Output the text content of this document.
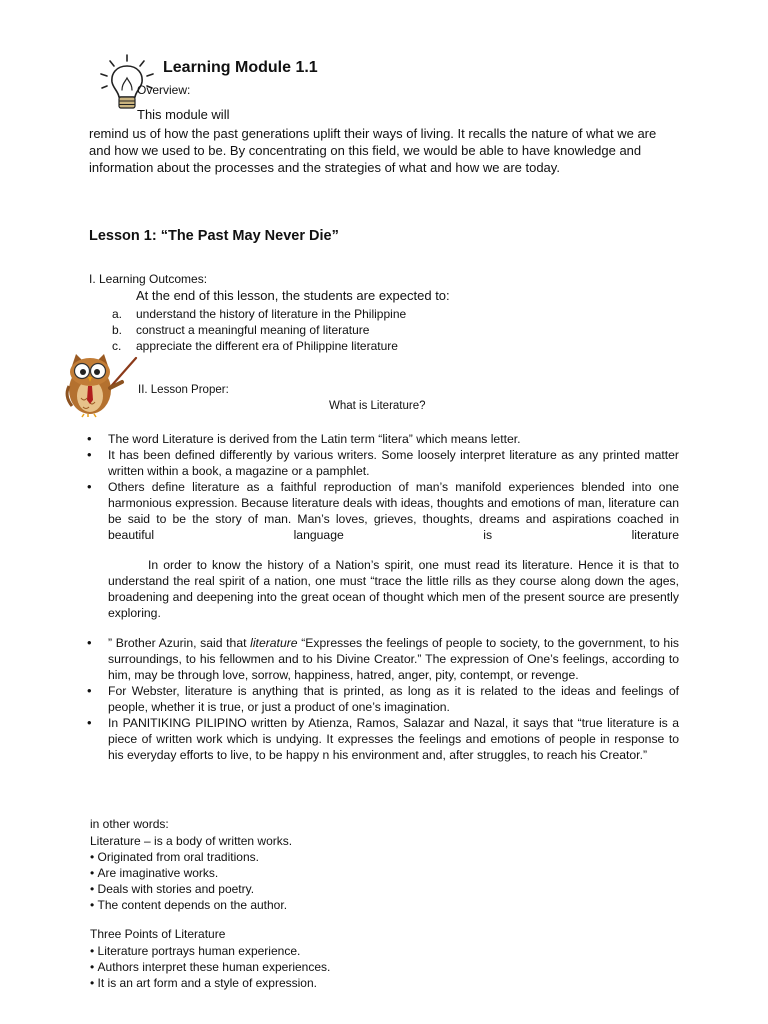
Learning Module 1.1
Overview:
This module will
remind us of how the past generations uplift their ways of living. It recalls the nature of what we are and how we used to be. By concentrating on this field, we would be able to have knowledge and information about the processes and the strategies of what and how we are today.
Lesson 1: “The Past May Never Die”
I. Learning Outcomes:
At the end of this lesson, the students are expected to:
a.	understand the history of literature in the Philippine
b.	construct a meaningful meaning of literature
c.	appreciate the different era of Philippine literature
II. Lesson Proper:
What is Literature?
• The word Literature is derived from the Latin term “litera” which means letter.
• It has been defined differently by various writers. Some loosely interpret literature as any printed matter written within a book, a magazine or a pamphlet.
• Others define literature as a faithful reproduction of man’s manifold experiences blended into one harmonious expression. Because literature deals with ideas, thoughts and emotions of man, literature can be said to be the story of man. Man’s loves, grieves, thoughts, dreams and aspirations coached in beautiful language is literature
In order to know the history of a Nation’s spirit, one must read its literature. Hence it is that to understand the real spirit of a nation, one must “trace the little rills as they course along down the ages, broadening and deepening into the great ocean of thought which men of the present source are presently exploring.
• ” Brother Azurin, said that literature “Expresses the feelings of people to society, to the government, to his surroundings, to his fellowmen and to his Divine Creator.” The expression of One’s feelings, according to him, may be through love, sorrow, happiness, hatred, anger, pity, contempt, or revenge.
• For Webster, literature is anything that is printed, as long as it is related to the ideas and feelings of people, whether it is true, or just a product of one’s imagination.
• In PANITIKING PILIPINO written by Atienza, Ramos, Salazar and Nazal, it says that “true literature is a piece of written work which is undying. It expresses the feelings and emotions of people in response to his everyday efforts to live, to be happy n his environment and, after struggles, to reach his Creator.”
in other words:
Literature – is a body of written works.
• Originated from oral traditions.
• Are imaginative works.
• Deals with stories and poetry.
• The content depends on the author.
Three Points of Literature
• Literature portrays human experience.
• Authors interpret these human experiences.
• It is an art form and a style of expression.
